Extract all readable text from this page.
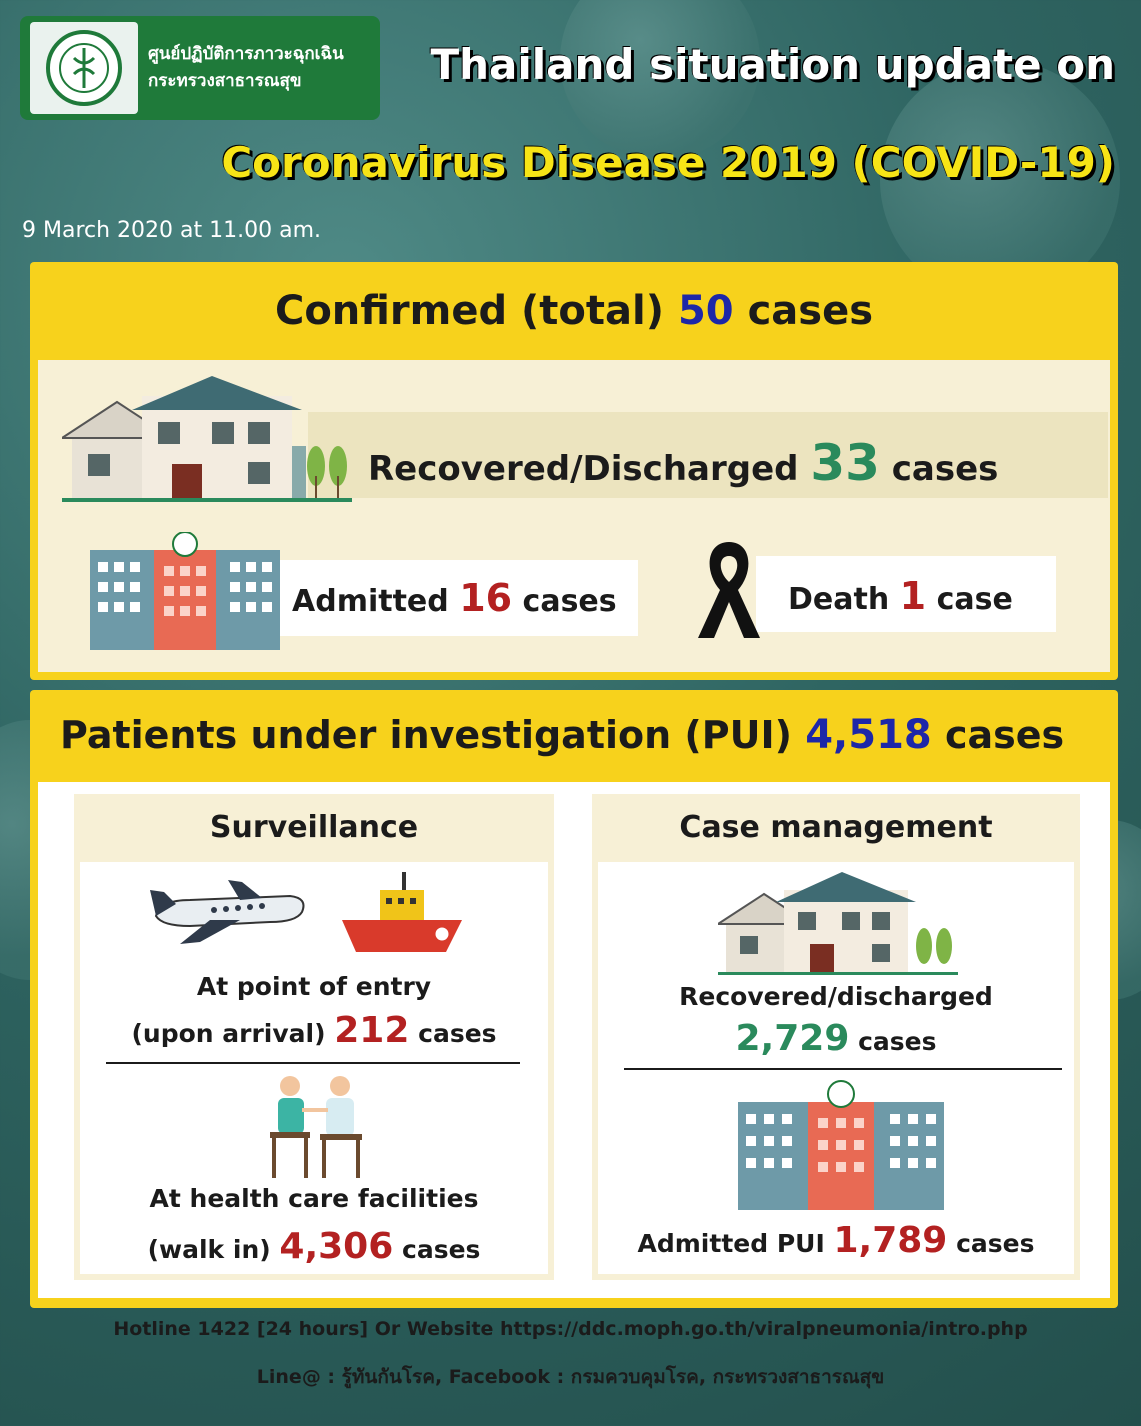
ศูนย์ปฏิบัติการภาวะฉุกเฉิน
กระทรวงสาธารณสุข	Thailand situation update on
Coronavirus Disease 2019 (COVID-19)
9 March 2020 at 11.00 am.
Confirmed (total) 50 cases
Recovered/Discharged 33 cases
Admitted 16 cases	Death 1 case
Patients under investigation (PUI) 4,518 cases
Surveillance
At point of entry
(upon arrival) 212 cases
At health care facilities
(walk in) 4,306 cases
Case management
Recovered/discharged
2,729 cases
Admitted PUI 1,789 cases
Hotline 1422 [24 hours] Or Website https://ddc.moph.go.th/viralpneumonia/intro.php
Line@ : รู้ทันกันโรค, Facebook : กรมควบคุมโรค, กระทรวงสาธารณสุข
